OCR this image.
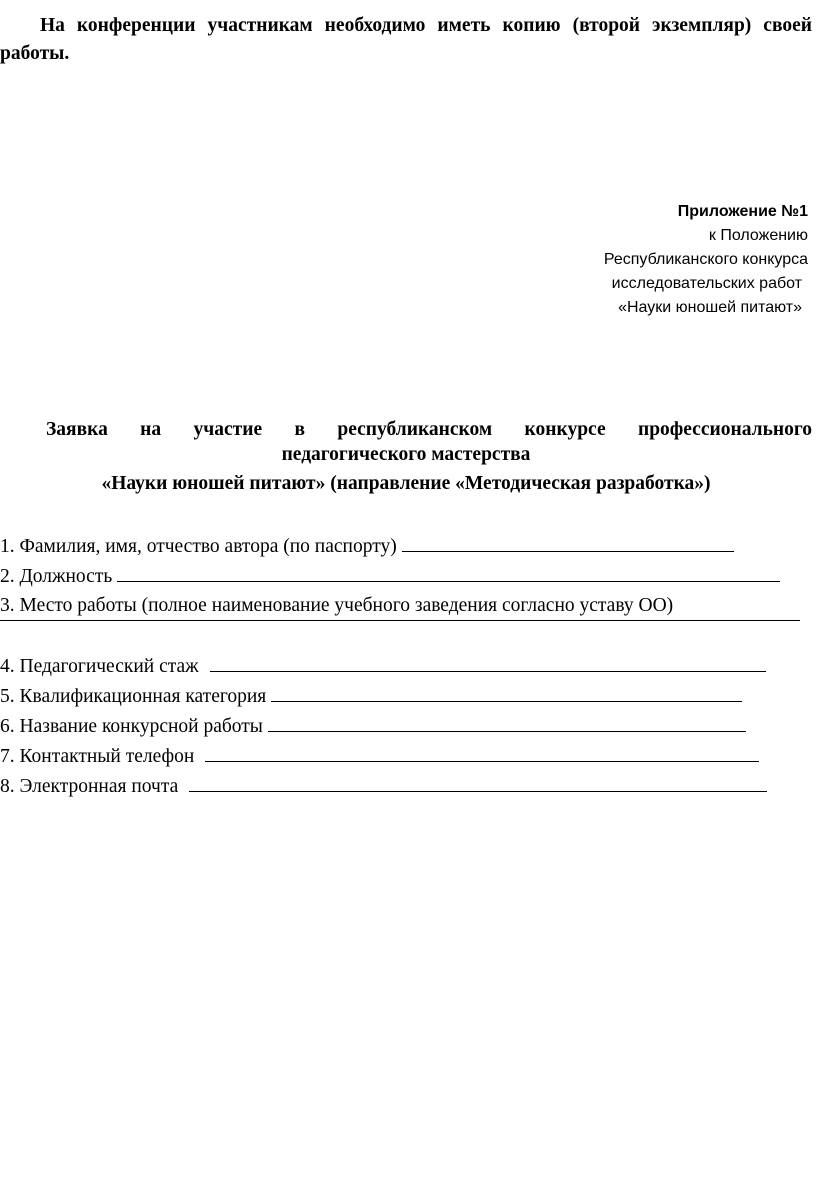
На конференции участникам необходимо иметь копию (второй экземпляр) своей работы.
Приложение №1
к Положению
Республиканского конкурса
исследовательских работ
«Науки юношей питают»
Заявка на участие в республиканском конкурсе профессионального
педагогического мастерства
«Науки юношей питают» (направление «Методическая разработка»)
1. Фамилия, имя, отчество автора (по паспорту)
2. Должность
3. Место работы (полное наименование учебного заведения согласно уставу ОО)
4. Педагогический стаж
5. Квалификационная категория
6. Название конкурсной работы
7. Контактный телефон
8. Электронная почта
